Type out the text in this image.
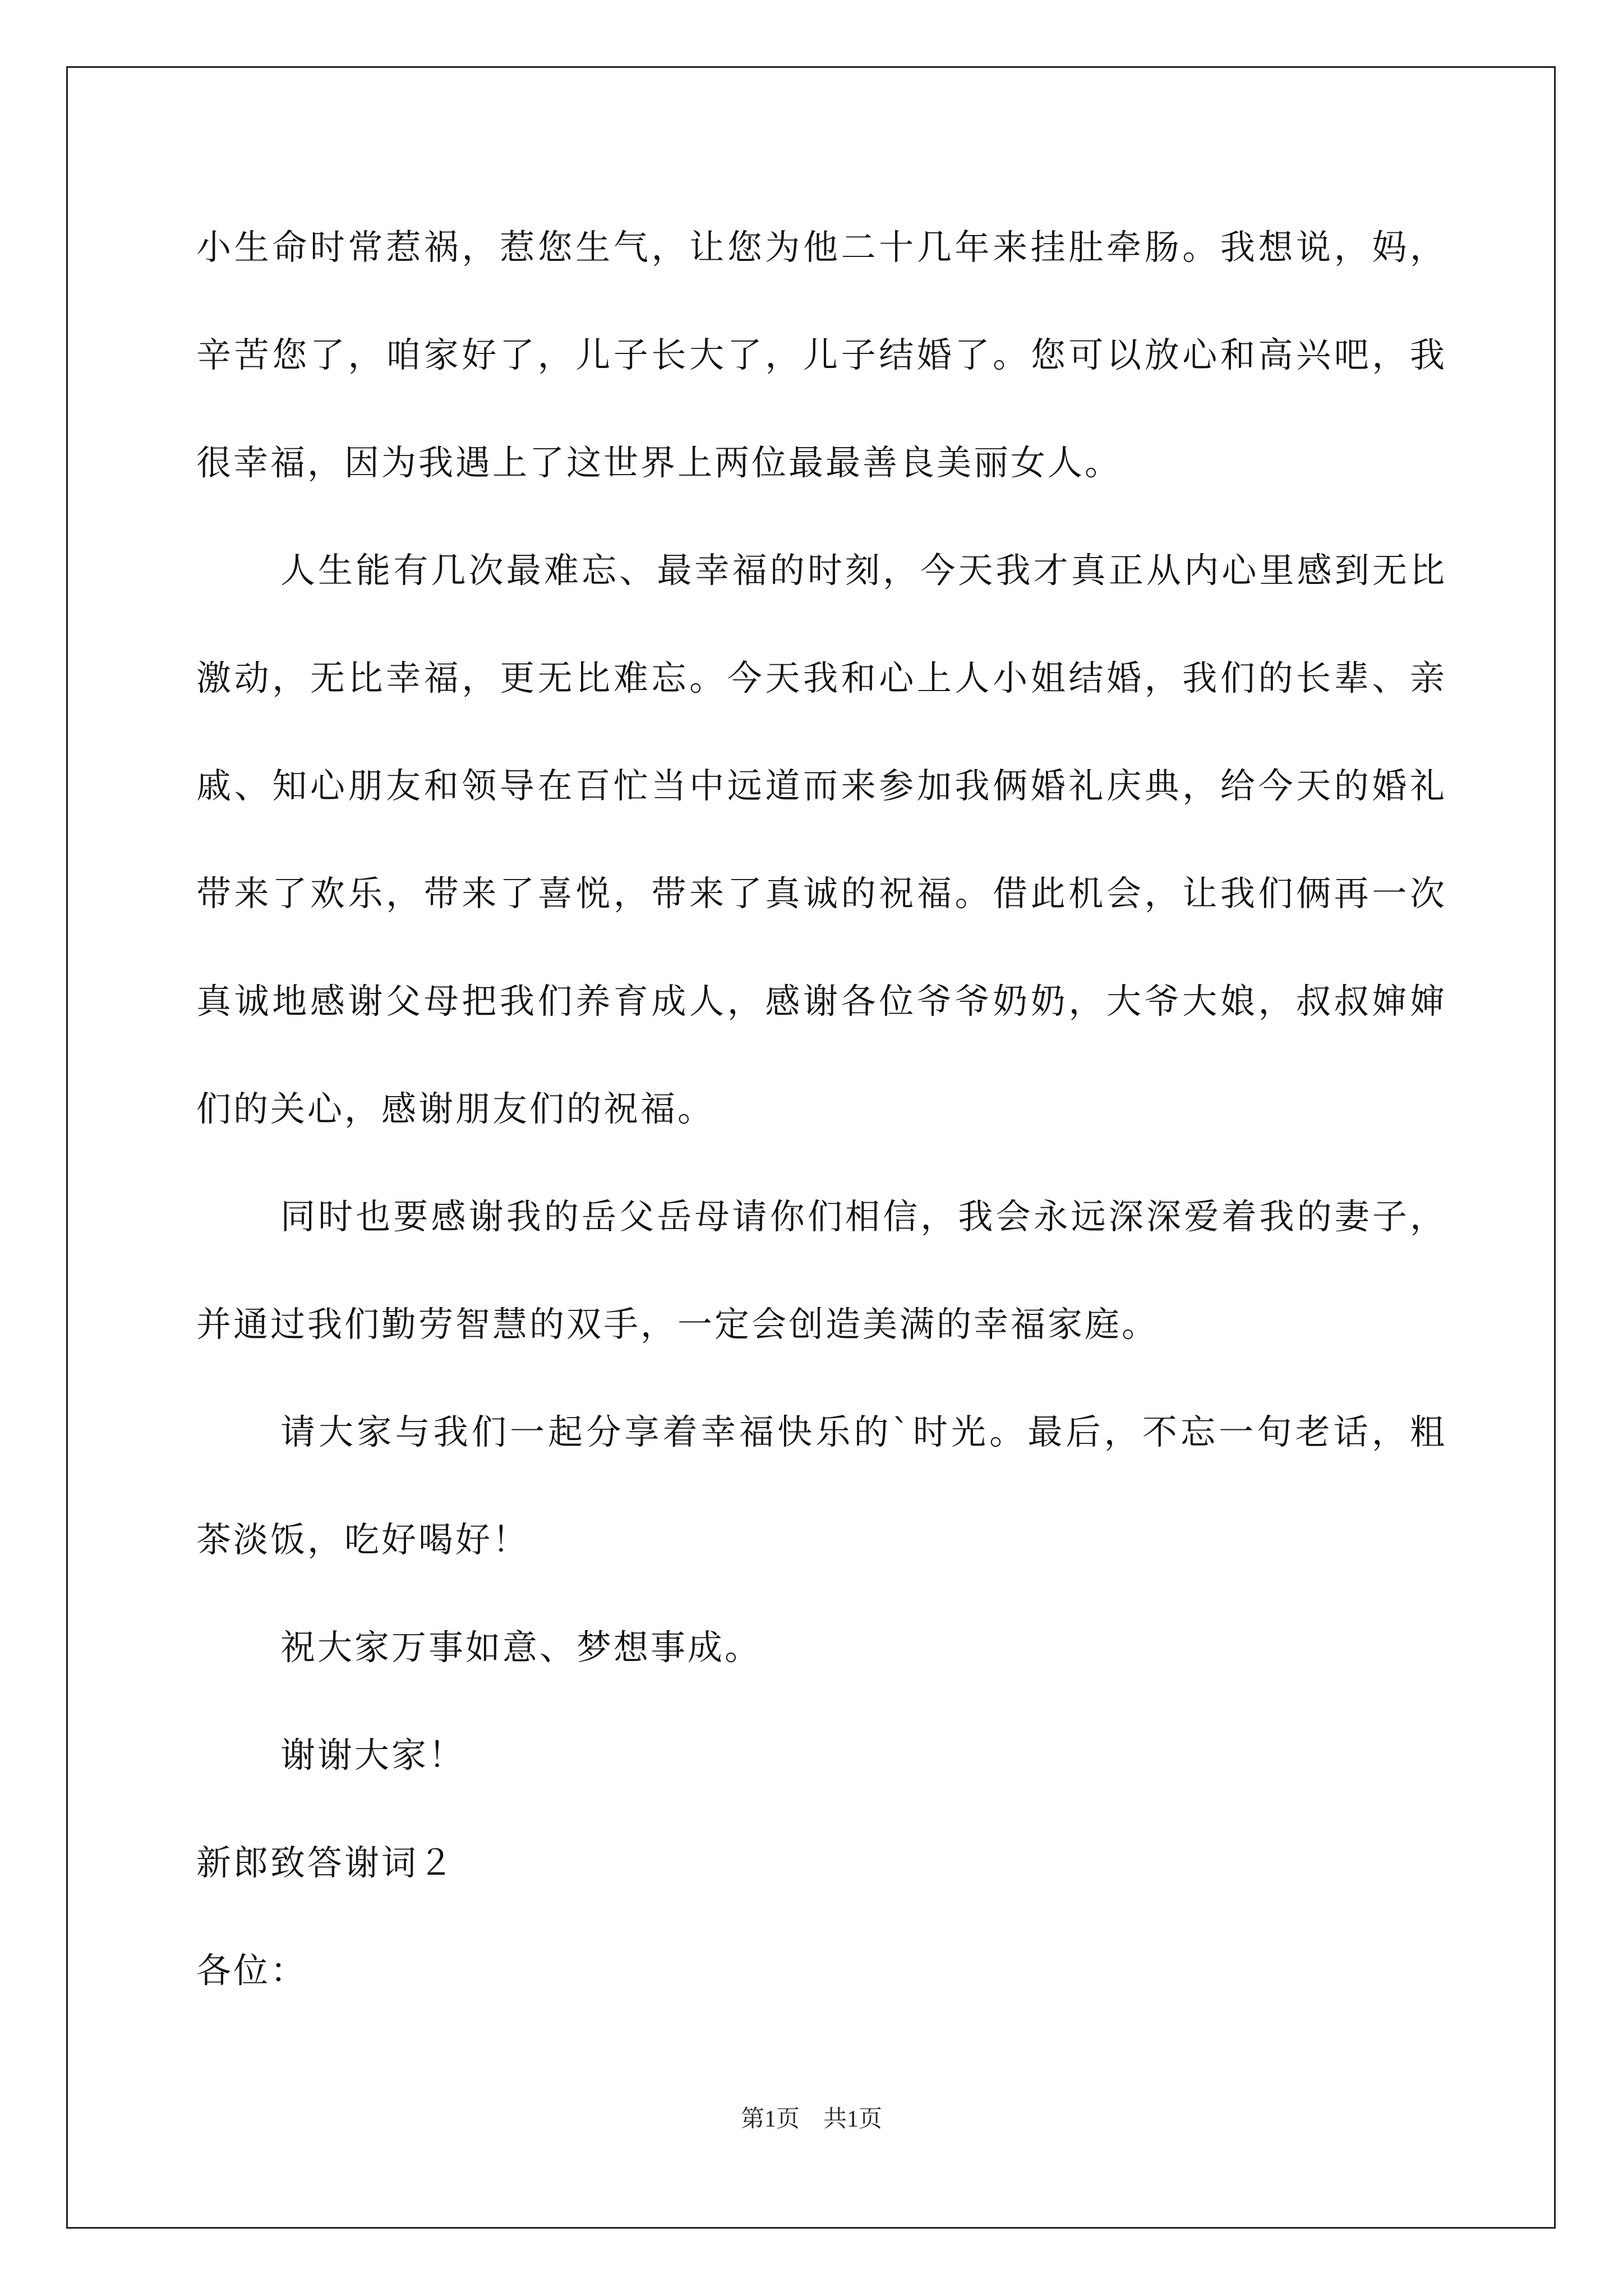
小生命时常惹祸，惹您生气，让您为他二十几年来挂肚牵肠。我想说，妈，辛苦您了，咱家好了，儿子长大了，儿子结婚了。您可以放心和高兴吧，我很幸福，因为我遇上了这世界上两位最最善良美丽女人。

人生能有几次最难忘、最幸福的时刻，今天我才真正从内心里感到无比激动，无比幸福，更无比难忘。今天我和心上人小姐结婚，我们的长辈、亲戚、知心朋友和领导在百忙当中远道而来参加我俩婚礼庆典，给今天的婚礼带来了欢乐，带来了喜悦，带来了真诚的祝福。借此机会，让我们俩再一次真诚地感谢父母把我们养育成人，感谢各位爷爷奶奶，大爷大娘，叔叔婶婶们的关心，感谢朋友们的祝福。

同时也要感谢我的岳父岳母请你们相信，我会永远深深爱着我的妻子，并通过我们勤劳智慧的双手，一定会创造美满的幸福家庭。

请大家与我们一起分享着幸福快乐的`时光。最后，不忘一句老话，粗茶淡饭，吃好喝好！

祝大家万事如意、梦想事成。

谢谢大家！

新郎致答谢词２

各位：

第1页　共1页
